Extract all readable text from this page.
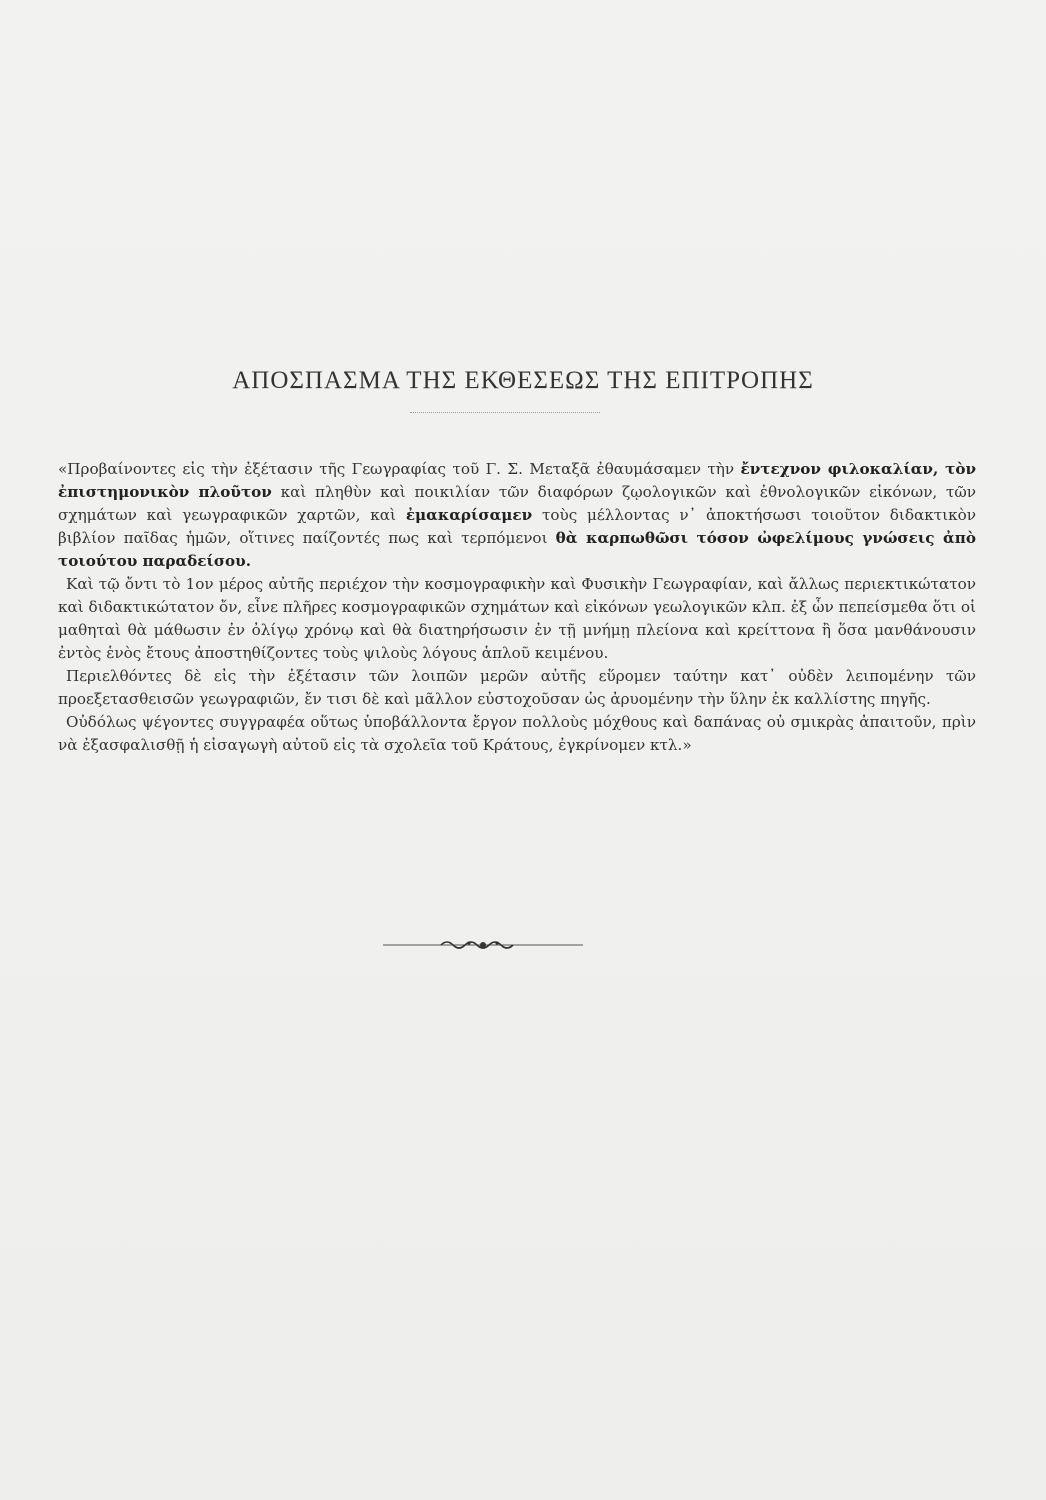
ΑΠΟΣΠΑΣΜΑ ΤΗΣ ΕΚΘΕΣΕΩΣ ΤΗΣ ΕΠΙΤΡΟΠΗΣ

«Προβαίνοντες εἰς τὴν ἐξέτασιν τῆς Γεωγραφίας τοῦ Γ. Σ. Μεταξᾶ ἐθαυμάσαμεν τὴν ἔντεχνον φιλοκαλίαν, τὸν ἐπιστημονικὸν πλοῦτον καὶ πληθὺν καὶ ποικιλίαν τῶν διαφόρων ζῳολογικῶν καὶ ἐθνολογικῶν εἰκόνων, τῶν σχημάτων καὶ γεωγραφικῶν χαρτῶν, καὶ ἐμακαρίσαμεν τοὺς μέλλοντας ν᾿ ἀποκτήσωσι τοιοῦτον διδακτικὸν βιβλίον παῖδας ἡμῶν, οἵτινες παίζοντές πως καὶ τερπόμενοι θὰ καρπωθῶσι τόσον ὠφελίμους γνώσεις ἀπὸ τοιούτου παραδείσου.

Καὶ τῷ ὄντι τὸ 1ον μέρος αὐτῆς περιέχον τὴν κοσμογραφικὴν καὶ Φυσικὴν Γεωγραφίαν, καὶ ἄλλως περιεκτικώτατον καὶ διδακτικώτατον ὄν, εἶνε πλῆρες κοσμογραφικῶν σχημάτων καὶ εἰκόνων γεωλογικῶν κλπ. ἐξ ὧν πεπείσμεθα ὅτι οἱ μαθηταὶ θὰ μάθωσιν ἐν ὀλίγῳ χρόνῳ καὶ θὰ διατηρήσωσιν ἐν τῇ μνήμῃ πλείονα καὶ κρείττονα ἢ ὅσα μανθάνουσιν ἐντὸς ἑνὸς ἔτους ἀποστηθίζοντες τοὺς ψιλοὺς λόγους ἁπλοῦ κειμένου.

Περιελθόντες δὲ εἰς τὴν ἐξέτασιν τῶν λοιπῶν μερῶν αὐτῆς εὕρομεν ταύτην κατ᾿ οὐδὲν λειπομένην τῶν προεξετασθεισῶν γεωγραφιῶν, ἔν τισι δὲ καὶ μᾶλλον εὐστοχοῦσαν ὡς ἀρυομένην τὴν ὕλην ἐκ καλλίστης πηγῆς.

Οὐδόλως ψέγοντες συγγραφέα οὕτως ὑποβάλλοντα ἔργον πολλοὺς μόχθους καὶ δαπάνας οὐ σμικρὰς ἀπαιτοῦν, πρὶν νὰ ἐξασφαλισθῇ ἡ εἰσαγωγὴ αὐτοῦ εἰς τὰ σχολεῖα τοῦ Κράτους, ἐγκρίνομεν κτλ.»
